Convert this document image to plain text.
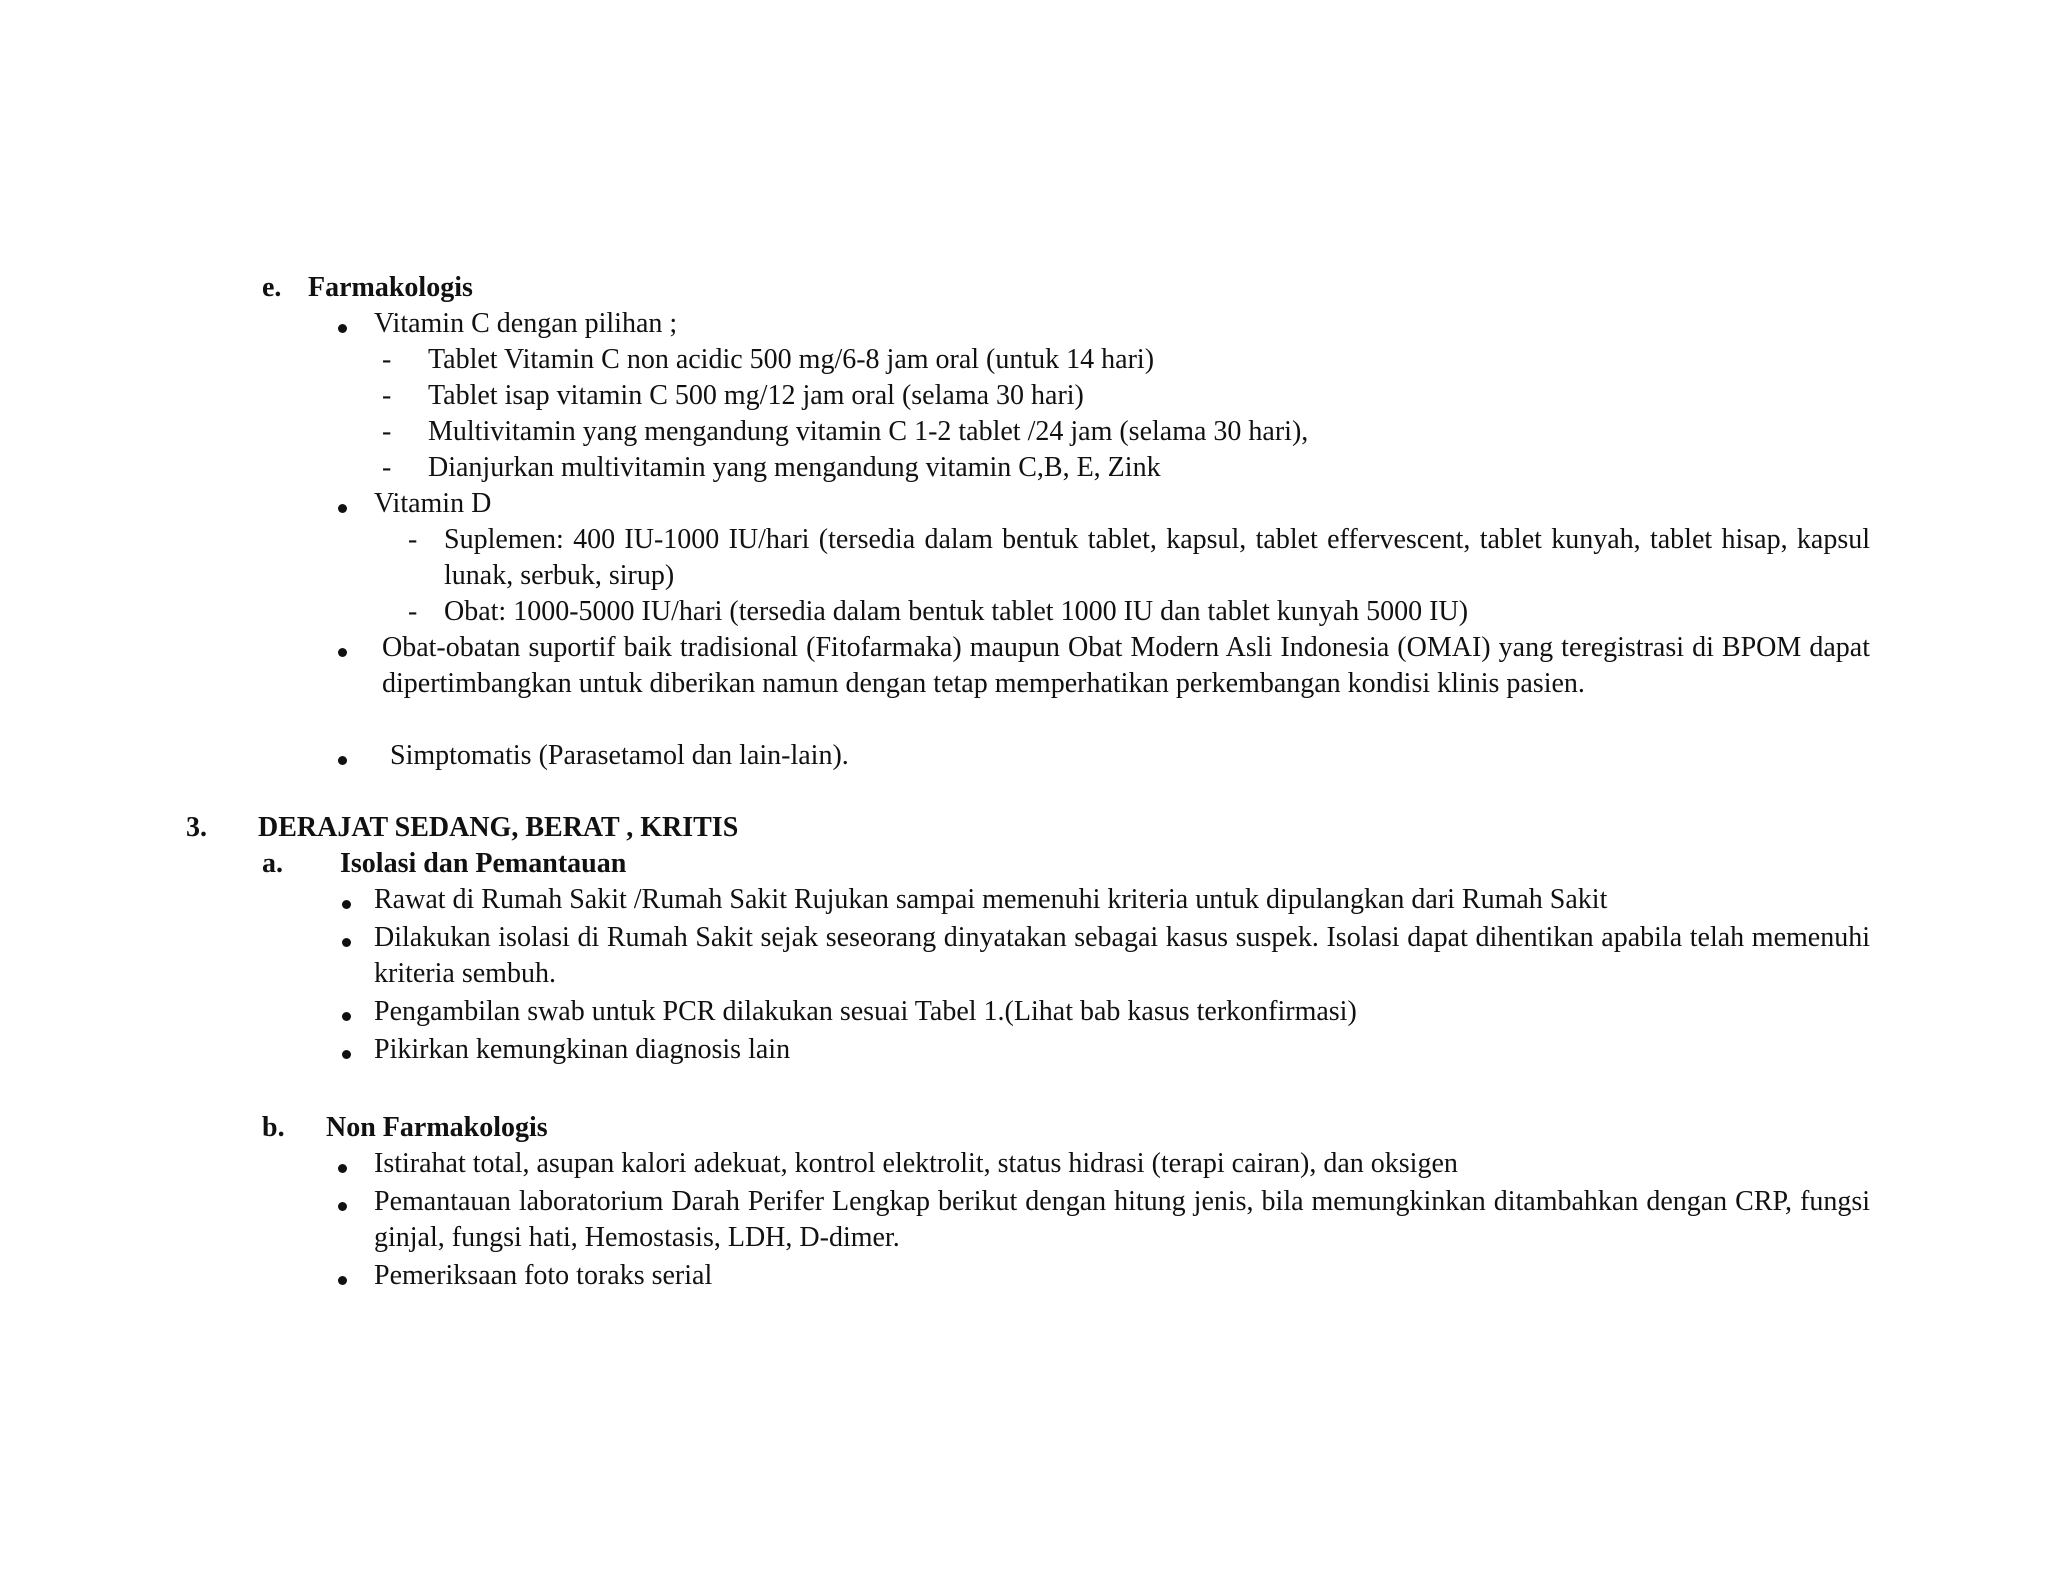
e. Farmakologis
Vitamin C dengan pilihan ;
- Tablet Vitamin C non acidic 500 mg/6-8 jam oral (untuk 14 hari)
- Tablet isap vitamin C 500 mg/12 jam oral (selama 30 hari)
- Multivitamin yang mengandung vitamin C 1-2 tablet /24 jam (selama 30 hari),
- Dianjurkan multivitamin yang mengandung vitamin C,B, E, Zink
Vitamin D
- Suplemen: 400 IU-1000 IU/hari (tersedia dalam bentuk tablet, kapsul, tablet effervescent, tablet kunyah, tablet hisap, kapsul lunak, serbuk, sirup)
- Obat: 1000-5000 IU/hari (tersedia dalam bentuk tablet 1000 IU dan tablet kunyah 5000 IU)
Obat-obatan suportif baik tradisional (Fitofarmaka) maupun Obat Modern Asli Indonesia (OMAI) yang teregistrasi di BPOM dapat dipertimbangkan untuk diberikan namun dengan tetap memperhatikan perkembangan kondisi klinis pasien.
Simptomatis (Parasetamol dan lain-lain).
3. DERAJAT SEDANG, BERAT , KRITIS
a. Isolasi dan Pemantauan
Rawat di Rumah Sakit /Rumah Sakit Rujukan sampai memenuhi kriteria untuk dipulangkan dari Rumah Sakit
Dilakukan isolasi di Rumah Sakit sejak seseorang dinyatakan sebagai kasus suspek. Isolasi dapat dihentikan apabila telah memenuhi kriteria sembuh.
Pengambilan swab untuk PCR dilakukan sesuai Tabel 1.(Lihat bab kasus terkonfirmasi)
Pikirkan kemungkinan diagnosis lain
b. Non Farmakologis
Istirahat total, asupan kalori adekuat, kontrol elektrolit, status hidrasi (terapi cairan), dan oksigen
Pemantauan laboratorium Darah Perifer Lengkap berikut dengan hitung jenis, bila memungkinkan ditambahkan dengan CRP, fungsi ginjal, fungsi hati, Hemostasis, LDH, D-dimer.
Pemeriksaan foto toraks serial
